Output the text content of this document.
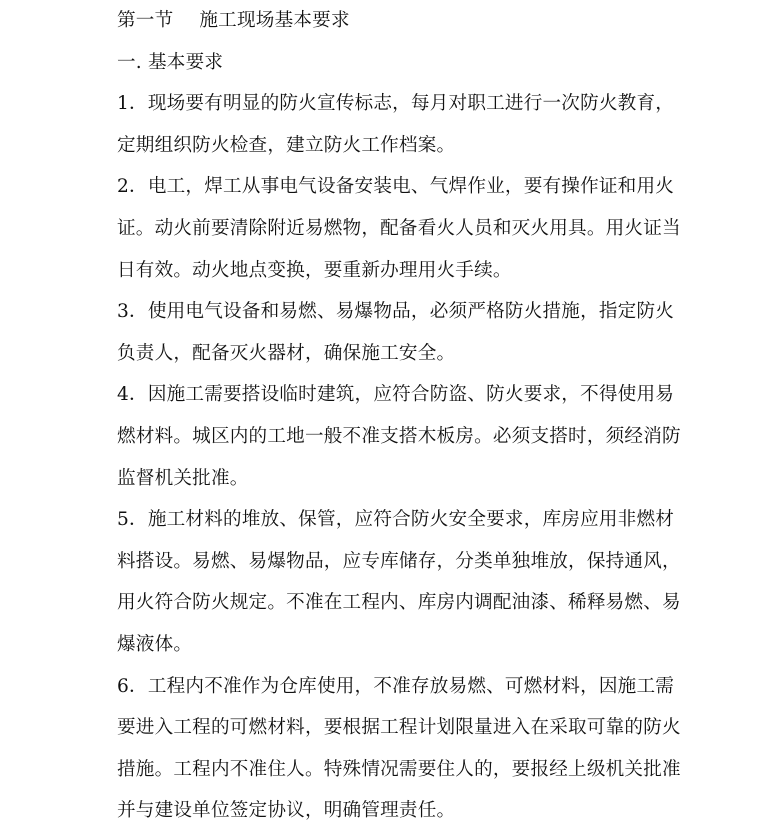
第一节 施工现场基本要求
一. 基本要求
1．现场要有明显的防火宣传标志，每月对职工进行一次防火教育，
定期组织防火检查，建立防火工作档案。
2．电工，焊工从事电气设备安装电、气焊作业，要有操作证和用火
证。动火前要清除附近易燃物，配备看火人员和灭火用具。用火证当
日有效。动火地点变换，要重新办理用火手续。
3．使用电气设备和易燃、易爆物品，必须严格防火措施，指定防火
负责人，配备灭火器材，确保施工安全。
4．因施工需要搭设临时建筑，应符合防盗、防火要求，不得使用易
燃材料。城区内的工地一般不准支搭木板房。必须支搭时，须经消防
监督机关批准。
5．施工材料的堆放、保管，应符合防火安全要求，库房应用非燃材
料搭设。易燃、易爆物品，应专库储存，分类单独堆放，保持通风，
用火符合防火规定。不准在工程内、库房内调配油漆、稀释易燃、易
爆液体。
6．工程内不准作为仓库使用，不准存放易燃、可燃材料，因施工需
要进入工程的可燃材料，要根据工程计划限量进入在采取可靠的防火
措施。工程内不准住人。特殊情况需要住人的，要报经上级机关批准
并与建设单位签定协议，明确管理责任。
